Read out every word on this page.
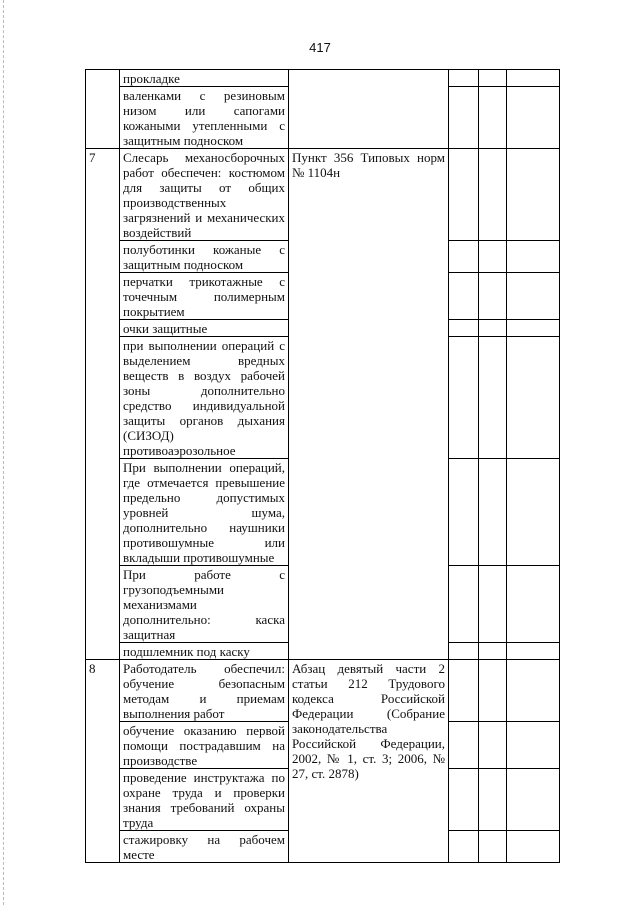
417
	прокладке				
	валенками с резиновым низом или сапогами кожаными утепленными с защитным подноском				
7	Слесарь механосборочных работ обеспечен: костюмом для защиты от общих производственных загрязнений и механических воздействий	Пункт 356 Типовых норм № 1104н			
	полуботинки кожаные с защитным подноском				
	перчатки трикотажные с точечным полимерным покрытием				
	очки защитные				
	при выполнении операций с выделением вредных веществ в воздух рабочей зоны дополнительно средство индивидуальной защиты органов дыхания (СИЗОД) противоаэрозольное				
	При выполнении операций, где отмечается превышение предельно допустимых уровней шума, дополнительно наушники противошумные или вкладыши противошумные				
	При работе с грузоподъемными механизмами дополнительно: каска защитная				
	подшлемник под каску				
8	Работодатель обеспечил: обучение безопасным методам и приемам выполнения работ	Абзац девятый части 2 статьи 212 Трудового кодекса Российской Федерации (Собрание законодательства Российской Федерации, 2002, № 1, ст. 3; 2006, № 27, ст. 2878)			
	обучение оказанию первой помощи пострадавшим на производстве				
	проведение инструктажа по охране труда и проверки знания требований охраны труда				
	стажировку на рабочем месте				
